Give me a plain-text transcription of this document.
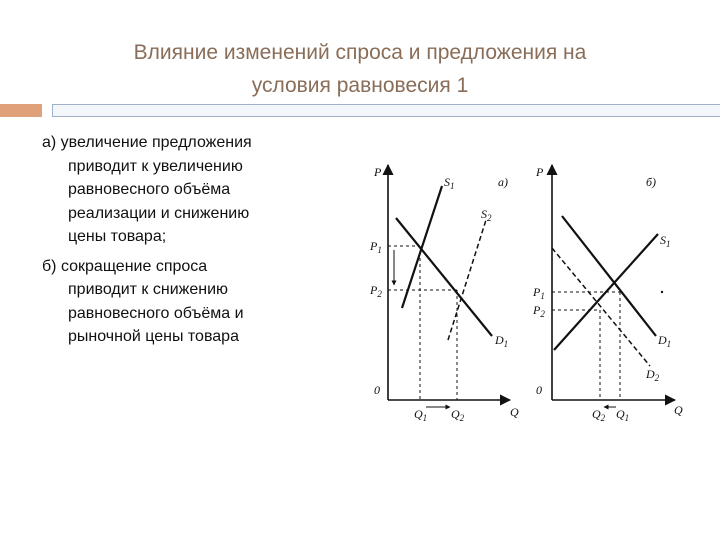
Влияние изменений спроса и предложения на
условия равновесия 1
а) увеличение предложения
приводит к увеличению
равновесного объёма
реализации и снижению
цены товара;
б) сокращение спроса
приводит к снижению
равновесного объёма и
рыночной цены товара
P
Q
0
а)
$S_1$
$S_2$
$D_1$
$P_1$
$P_2$
$Q_1$ $Q_2$
P
Q
0
б)
$S_1$
$D_1$
$D_2$
$P_1$
$P_2$
$Q_2$ $Q_1$
